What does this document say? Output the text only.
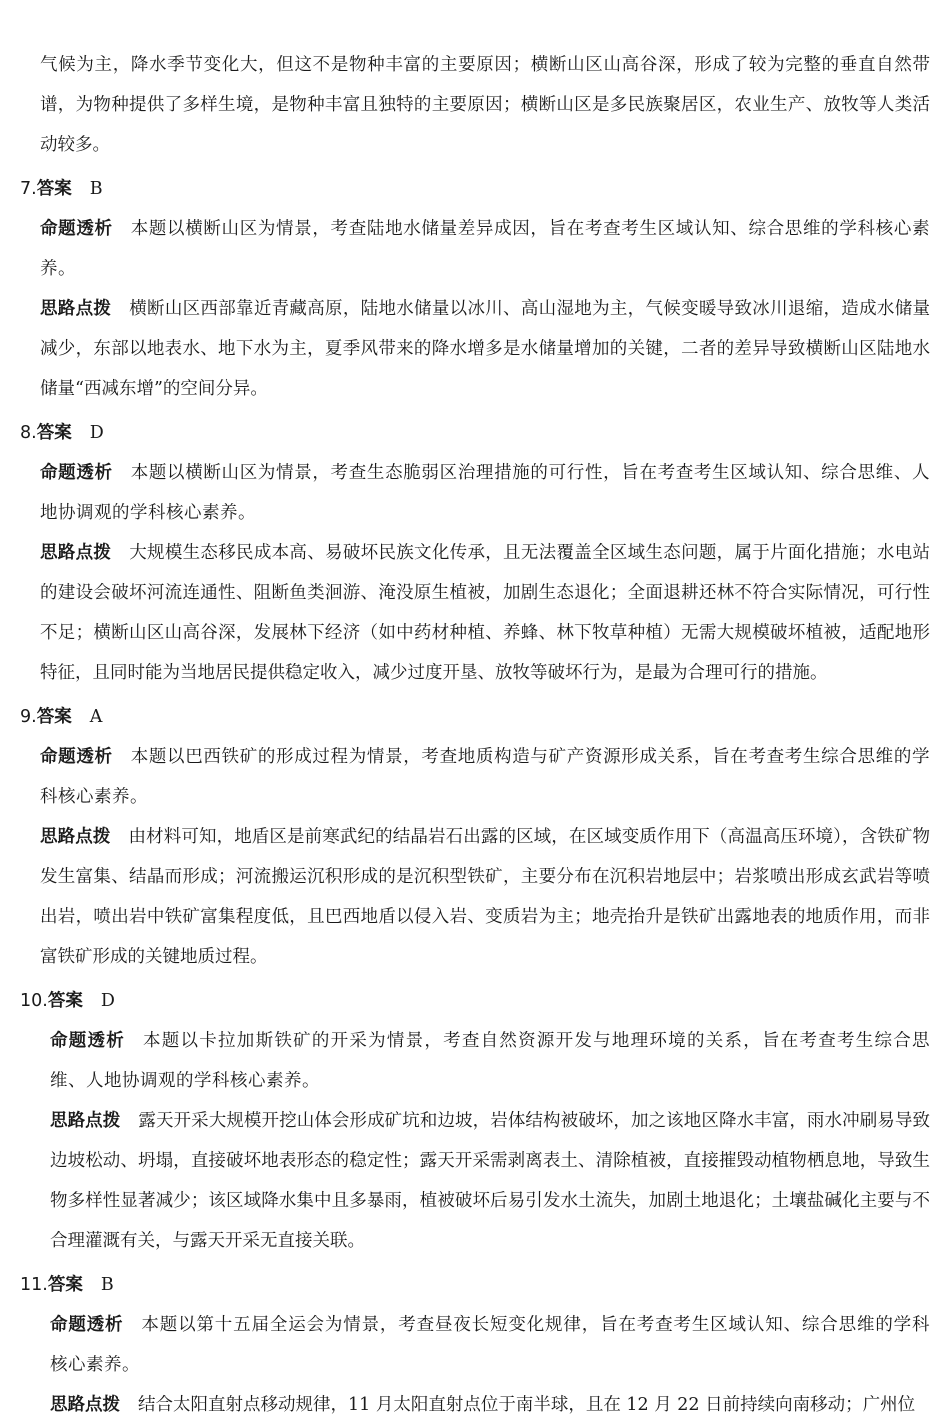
气候为主，降水季节变化大，但这不是物种丰富的主要原因；横断山区山高谷深，形成了较为完整的垂直自然带谱，为物种提供了多样生境，是物种丰富且独特的主要原因；横断山区是多民族聚居区，农业生产、放牧等人类活动较多。

7.答案 B

命题透析 本题以横断山区为情景，考查陆地水储量差异成因，旨在考查考生区域认知、综合思维的学科核心素养。

思路点拨 横断山区西部靠近青藏高原，陆地水储量以冰川、高山湿地为主，气候变暖导致冰川退缩，造成水储量减少，东部以地表水、地下水为主，夏季风带来的降水增多是水储量增加的关键，二者的差异导致横断山区陆地水储量“西减东增”的空间分异。

8.答案 D

命题透析 本题以横断山区为情景，考查生态脆弱区治理措施的可行性，旨在考查考生区域认知、综合思维、人地协调观的学科核心素养。

思路点拨 大规模生态移民成本高、易破坏民族文化传承，且无法覆盖全区域生态问题，属于片面化措施；水电站的建设会破坏河流连通性、阻断鱼类洄游、淹没原生植被，加剧生态退化；全面退耕还林不符合实际情况，可行性不足；横断山区山高谷深，发展林下经济（如中药材种植、养蜂、林下牧草种植）无需大规模破坏植被，适配地形特征，且同时能为当地居民提供稳定收入，减少过度开垦、放牧等破坏行为，是最为合理可行的措施。

9.答案 A

命题透析 本题以巴西铁矿的形成过程为情景，考查地质构造与矿产资源形成关系，旨在考查考生综合思维的学科核心素养。

思路点拨 由材料可知，地盾区是前寒武纪的结晶岩石出露的区域，在区域变质作用下（高温高压环境），含铁矿物发生富集、结晶而形成；河流搬运沉积形成的是沉积型铁矿，主要分布在沉积岩地层中；岩浆喷出形成玄武岩等喷出岩，喷出岩中铁矿富集程度低，且巴西地盾以侵入岩、变质岩为主；地壳抬升是铁矿出露地表的地质作用，而非富铁矿形成的关键地质过程。

10.答案 D

命题透析 本题以卡拉加斯铁矿的开采为情景，考查自然资源开发与地理环境的关系，旨在考查考生综合思维、人地协调观的学科核心素养。

思路点拨 露天开采大规模开挖山体会形成矿坑和边坡，岩体结构被破坏，加之该地区降水丰富，雨水冲刷易导致边坡松动、坍塌，直接破坏地表形态的稳定性；露天开采需剥离表土、清除植被，直接摧毁动植物栖息地，导致生物多样性显著减少；该区域降水集中且多暴雨，植被破坏后易引发水土流失，加剧土地退化；土壤盐碱化主要与不合理灌溉有关，与露天开采无直接关联。

11.答案 B

命题透析 本题以第十五届全运会为情景，考查昼夜长短变化规律，旨在考查考生区域认知、综合思维的学科核心素养。

思路点拨 结合太阳直射点移动规律，11 月太阳直射点位于南半球，且在 12 月 22 日前持续向南移动；广州位
